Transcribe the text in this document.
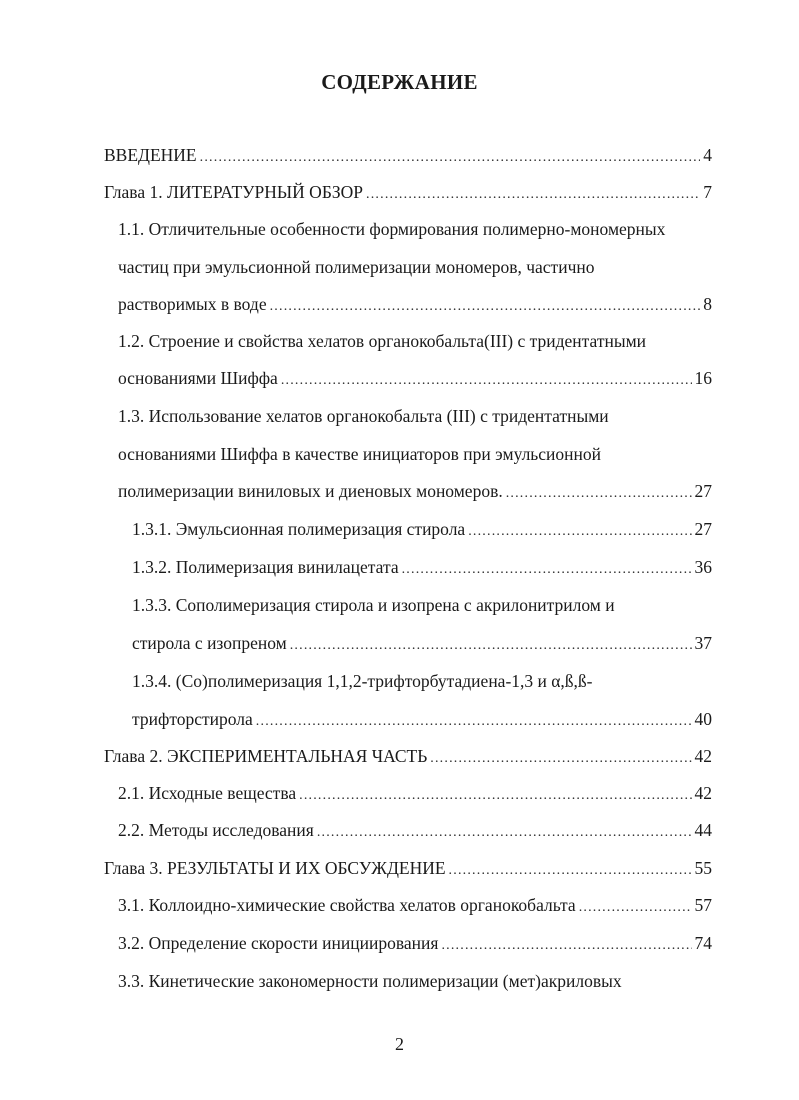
СОДЕРЖАНИЕ
ВВЕДЕНИЕ .....	4
Глава 1. ЛИТЕРАТУРНЫЙ ОБЗОР .....	7
1.1. Отличительные особенности формирования полимерно-мономерных
частиц при эмульсионной полимеризации мономеров, частично
растворимых в воде .....	8
1.2. Строение и свойства хелатов органокобальта(III) с тридентатными
основаниями Шиффа .....	16
1.3. Использование хелатов органокобальта (III) с тридентатными
основаниями Шиффа в качестве инициаторов при эмульсионной
полимеризации виниловых и диеновых мономеров. .....	27
1.3.1. Эмульсионная полимеризация стирола .....	27
1.3.2. Полимеризация винилацетата .....	36
1.3.3. Сополимеризация стирола и изопрена с акрилонитрилом и
стирола с изопреном .....	37
1.3.4. (Co)полимеризация 1,1,2-трифторбутадиена-1,3 и α,ß,ß-
трифторстирола .....	40
Глава 2. ЭКСПЕРИМЕНТАЛЬНАЯ ЧАСТЬ .....	42
2.1. Исходные вещества .....	42
2.2. Методы исследования .....	44
Глава 3. РЕЗУЛЬТАТЫ И ИХ ОБСУЖДЕНИЕ .....	55
3.1. Коллоидно-химические свойства хелатов органокобальта .....	57
3.2. Определение скорости инициирования .....	74
3.3. Кинетические закономерности полимеризации (мет)акриловых
2
